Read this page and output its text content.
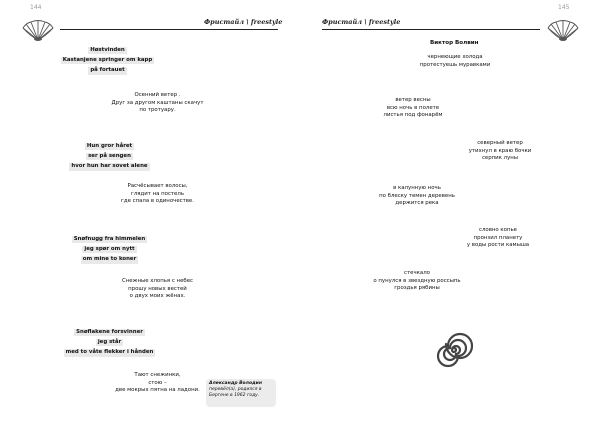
144
Фристайл \ freestyle
Høstvinden
Kastanjene springer om kapp
på fortauet
Осенний ветер .
Друг за другом каштаны скачут
по тротуару.
Hun gror håret
ser på sengen
hvor hun har sovet alene
Расчёсывает волосы,
глядит на постель
где спала в одиночестве.
Snøfnugg fra himmelen
jeg spør om nytt
om mine to koner
Снежные хлопья с небес
прошу новых вестей
о двух моих жёнах.
Snøflakene forsvinner
jeg står
med to våte flekker i hånden
Тают снежинки,
стою –
две мокрых пятна на ладони.
Александр Володин
перевёл(а), родился в Бергене в 1962 году.
145
Фристайл \ freestyle
Виктор Волвин
чернеющие холода
протестуешь муравками
ветер весны
всю ночь в полете
листья под фонарём
северный ветер
утихнул в краю бочки
серпик луны
в калунную ночь
по блеску темен деревень
держится река
словно копье
пронзил планету
у воды рости камыша
стечкало
о пунулся в звездную россыпь
гроздья рябины
